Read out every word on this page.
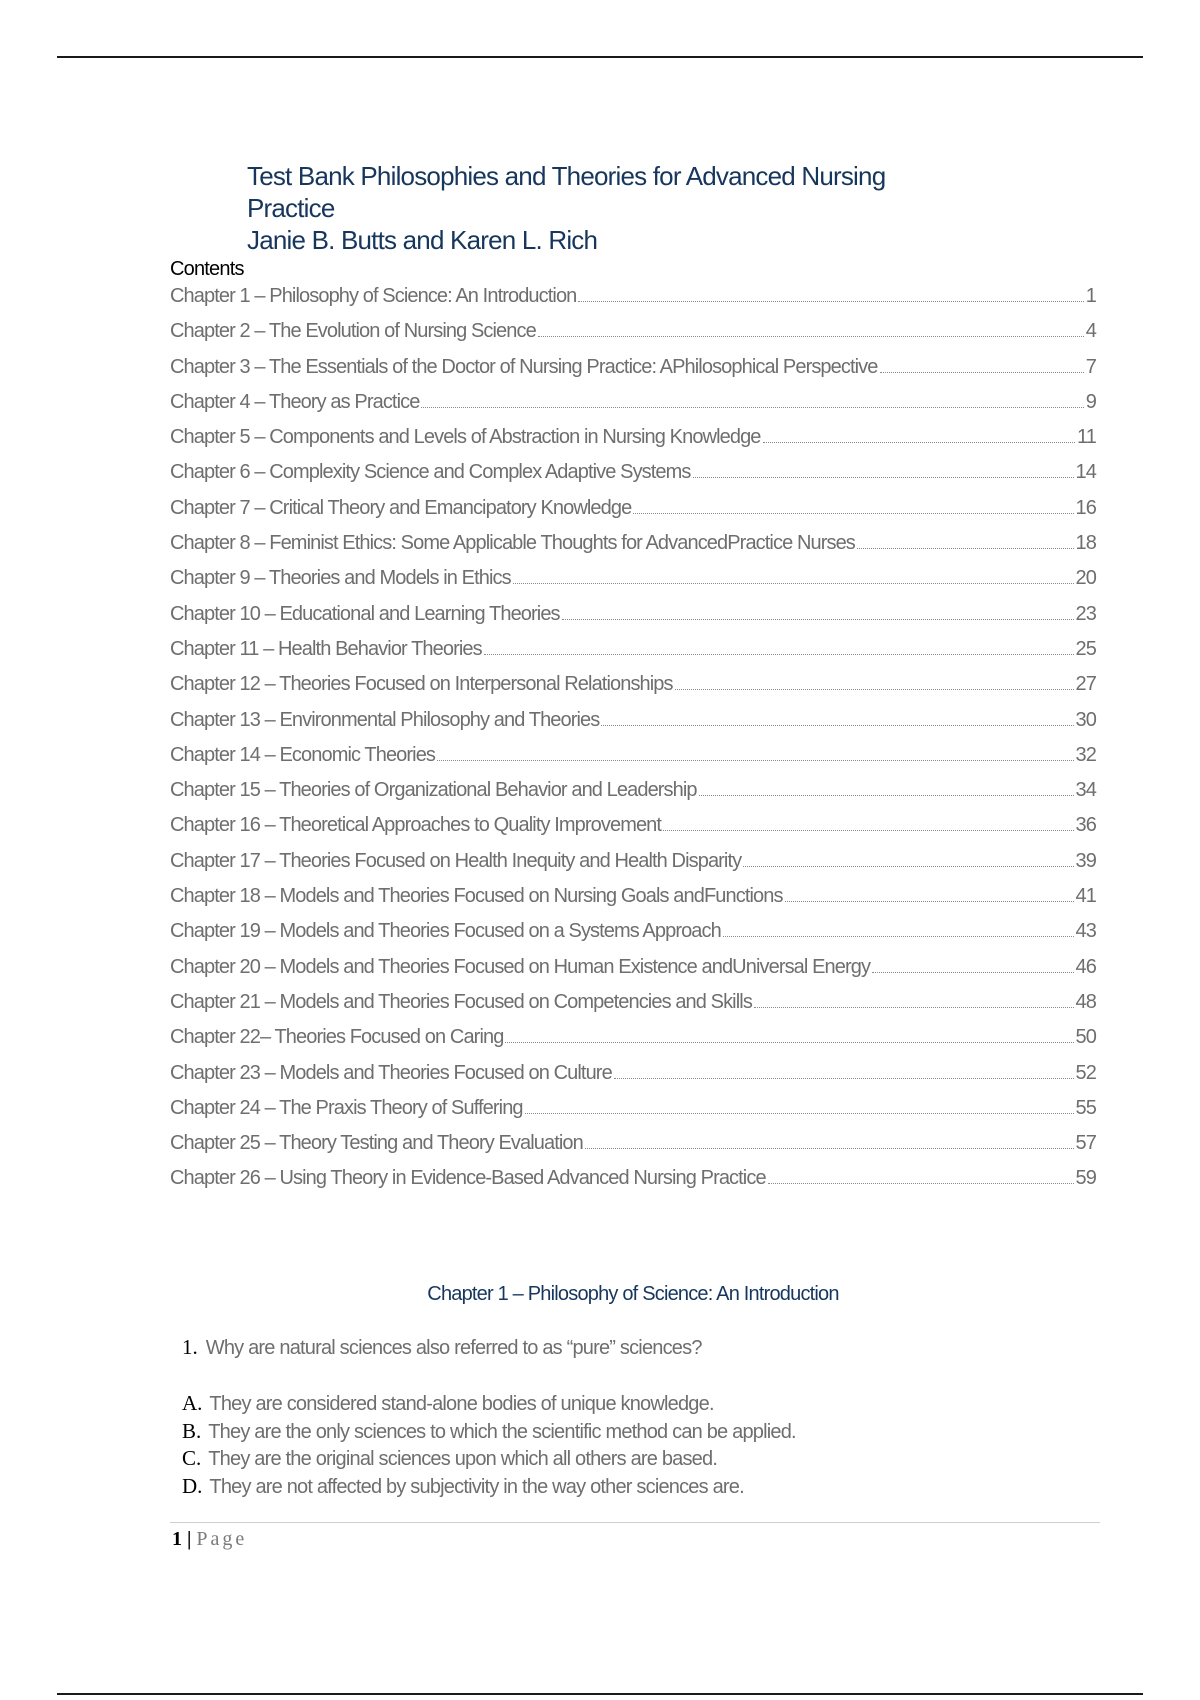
Test Bank Philosophies and Theories for Advanced Nursing
Practice
Janie B. Butts and Karen L. Rich
Contents
Chapter 1 – Philosophy of Science: An Introduction	1
Chapter 2 – The Evolution of Nursing Science	4
Chapter 3 – The Essentials of the Doctor of Nursing Practice: APhilosophical Perspective	7
Chapter 4 – Theory as Practice	9
Chapter 5 – Components and Levels of Abstraction in Nursing Knowledge	11
Chapter 6 – Complexity Science and Complex Adaptive Systems	14
Chapter 7 – Critical Theory and Emancipatory Knowledge	16
Chapter 8 – Feminist Ethics: Some Applicable Thoughts for AdvancedPractice Nurses	18
Chapter 9 – Theories and Models in Ethics	20
Chapter 10 – Educational and Learning Theories	23
Chapter 11 – Health Behavior Theories	25
Chapter 12 – Theories Focused on Interpersonal Relationships	27
Chapter 13 – Environmental Philosophy and Theories	30
Chapter 14 – Economic Theories	32
Chapter 15 – Theories of Organizational Behavior and Leadership	34
Chapter 16 – Theoretical Approaches to Quality Improvement	36
Chapter 17 – Theories Focused on Health Inequity and Health Disparity	39
Chapter 18 – Models and Theories Focused on Nursing Goals andFunctions	41
Chapter 19 – Models and Theories Focused on a Systems Approach	43
Chapter 20 – Models and Theories Focused on Human Existence andUniversal Energy	46
Chapter 21 – Models and Theories Focused on Competencies and Skills	48
Chapter 22– Theories Focused on Caring	50
Chapter 23 – Models and Theories Focused on Culture	52
Chapter 24 – The Praxis Theory of Suffering	55
Chapter 25 – Theory Testing and Theory Evaluation	57
Chapter 26 – Using Theory in Evidence-Based Advanced Nursing Practice	59
Chapter 1 – Philosophy of Science: An Introduction
1. Why are natural sciences also referred to as “pure” sciences?
A. They are considered stand-alone bodies of unique knowledge.
B. They are the only sciences to which the scientific method can be applied.
C. They are the original sciences upon which all others are based.
D. They are not affected by subjectivity in the way other sciences are.
1 | Page
